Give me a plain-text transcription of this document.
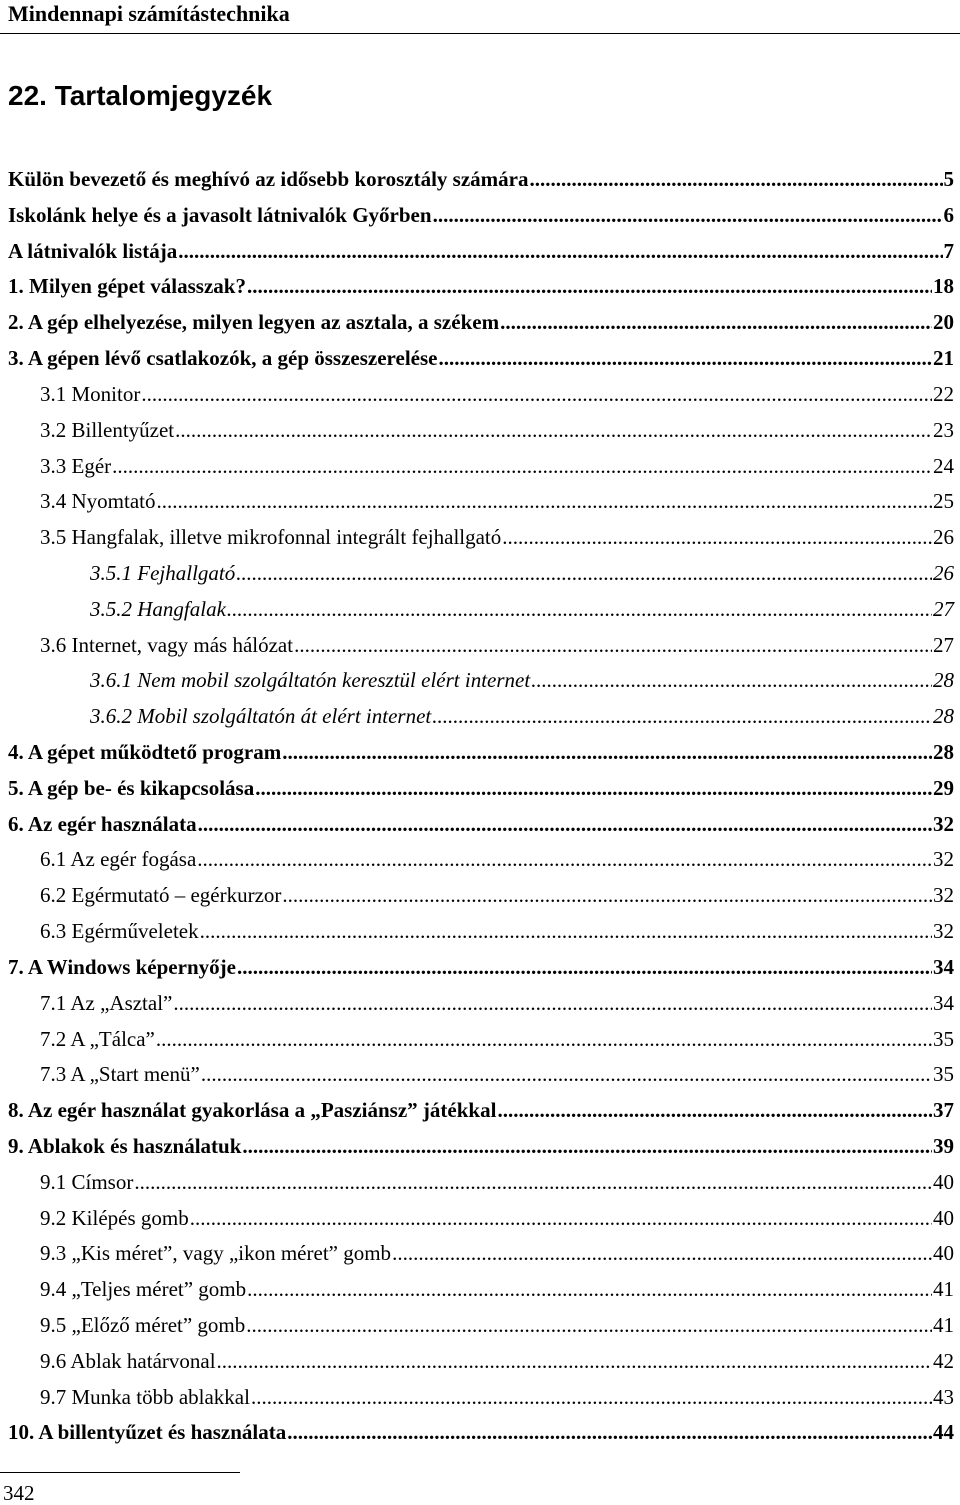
Mindennapi számítástechnika
22. Tartalomjegyzék
Külön bevezető és meghívó az idősebb korosztály számára .....	5
Iskolánk helye és a javasolt látnivalók Győrben .....	6
A látnivalók listája .....	7
1. Milyen gépet válasszak? .....	18
2. A gép elhelyezése, milyen legyen az asztala, a székem .....	20
3. A gépen lévő csatlakozók, a gép összeszerelése .....	21
3.1 Monitor .....	22
3.2 Billentyűzet .....	23
3.3 Egér .....	24
3.4 Nyomtató .....	25
3.5 Hangfalak, illetve mikrofonnal integrált fejhallgató .....	26
3.5.1 Fejhallgató .....	26
3.5.2 Hangfalak .....	27
3.6 Internet, vagy más hálózat .....	27
3.6.1 Nem mobil szolgáltatón keresztül elért internet .....	28
3.6.2 Mobil szolgáltatón át elért internet .....	28
4. A gépet működtető program .....	28
5. A gép be- és kikapcsolása .....	29
6. Az egér használata .....	32
6.1 Az egér fogása .....	32
6.2 Egérmutató – egérkurzor .....	32
6.3 Egérműveletek .....	32
7. A Windows képernyője .....	34
7.1 Az „Asztal” .....	34
7.2 A „Tálca” .....	35
7.3 A „Start menü” .....	35
8. Az egér használat gyakorlása a „Pasziánsz” játékkal .....	37
9. Ablakok és használatuk .....	39
9.1 Címsor .....	40
9.2 Kilépés gomb .....	40
9.3 „Kis méret”, vagy „ikon méret” gomb .....	40
9.4 „Teljes méret” gomb .....	41
9.5 „Előző méret” gomb .....	41
9.6 Ablak határvonal .....	42
9.7 Munka több ablakkal .....	43
10. A billentyűzet és használata .....	44
342
